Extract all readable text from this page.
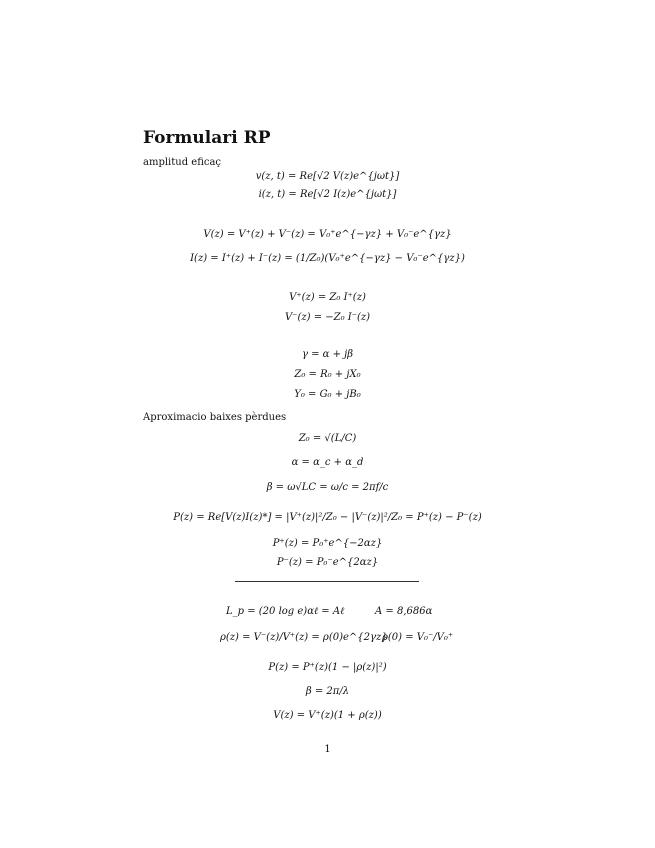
Formulari RP
amplitud eficaç
v(z, t) = Re[√2 V(z)e^{jωt}]
i(z, t) = Re[√2 I(z)e^{jωt}]
V(z) = V⁺(z) + V⁻(z) = V₀⁺e^{−γz} + V₀⁻e^{γz}
I(z) = I⁺(z) + I⁻(z) = (1/Z₀)(V₀⁺e^{−γz} − V₀⁻e^{γz})
V⁺(z) = Z₀ I⁺(z)
V⁻(z) = −Z₀ I⁻(z)
γ = α + jβ
Z₀ = R₀ + jX₀
Y₀ = G₀ + jB₀
Aproximacio baixes pèrdues
Z₀ = √(L/C)
α = α_c + α_d
β = ω√LC = ω/c = 2πf/c
P(z) = Re[V(z)I(z)*] = |V⁺(z)|²/Z₀ − |V⁻(z)|²/Z₀ = P⁺(z) − P⁻(z)
P⁺(z) = P₀⁺e^{−2αz}
P⁻(z) = P₀⁻e^{2αz}
L_p = (20 log e)αℓ = Aℓ	A = 8,686α
ρ(z) = V⁻(z)/V⁺(z) = ρ(0)e^{2γz}
ρ(0) = V₀⁻/V₀⁺
P(z) = P⁺(z)(1 − |ρ(z)|²)
β = 2π/λ
V(z) = V⁺(z)(1 + ρ(z))
1
